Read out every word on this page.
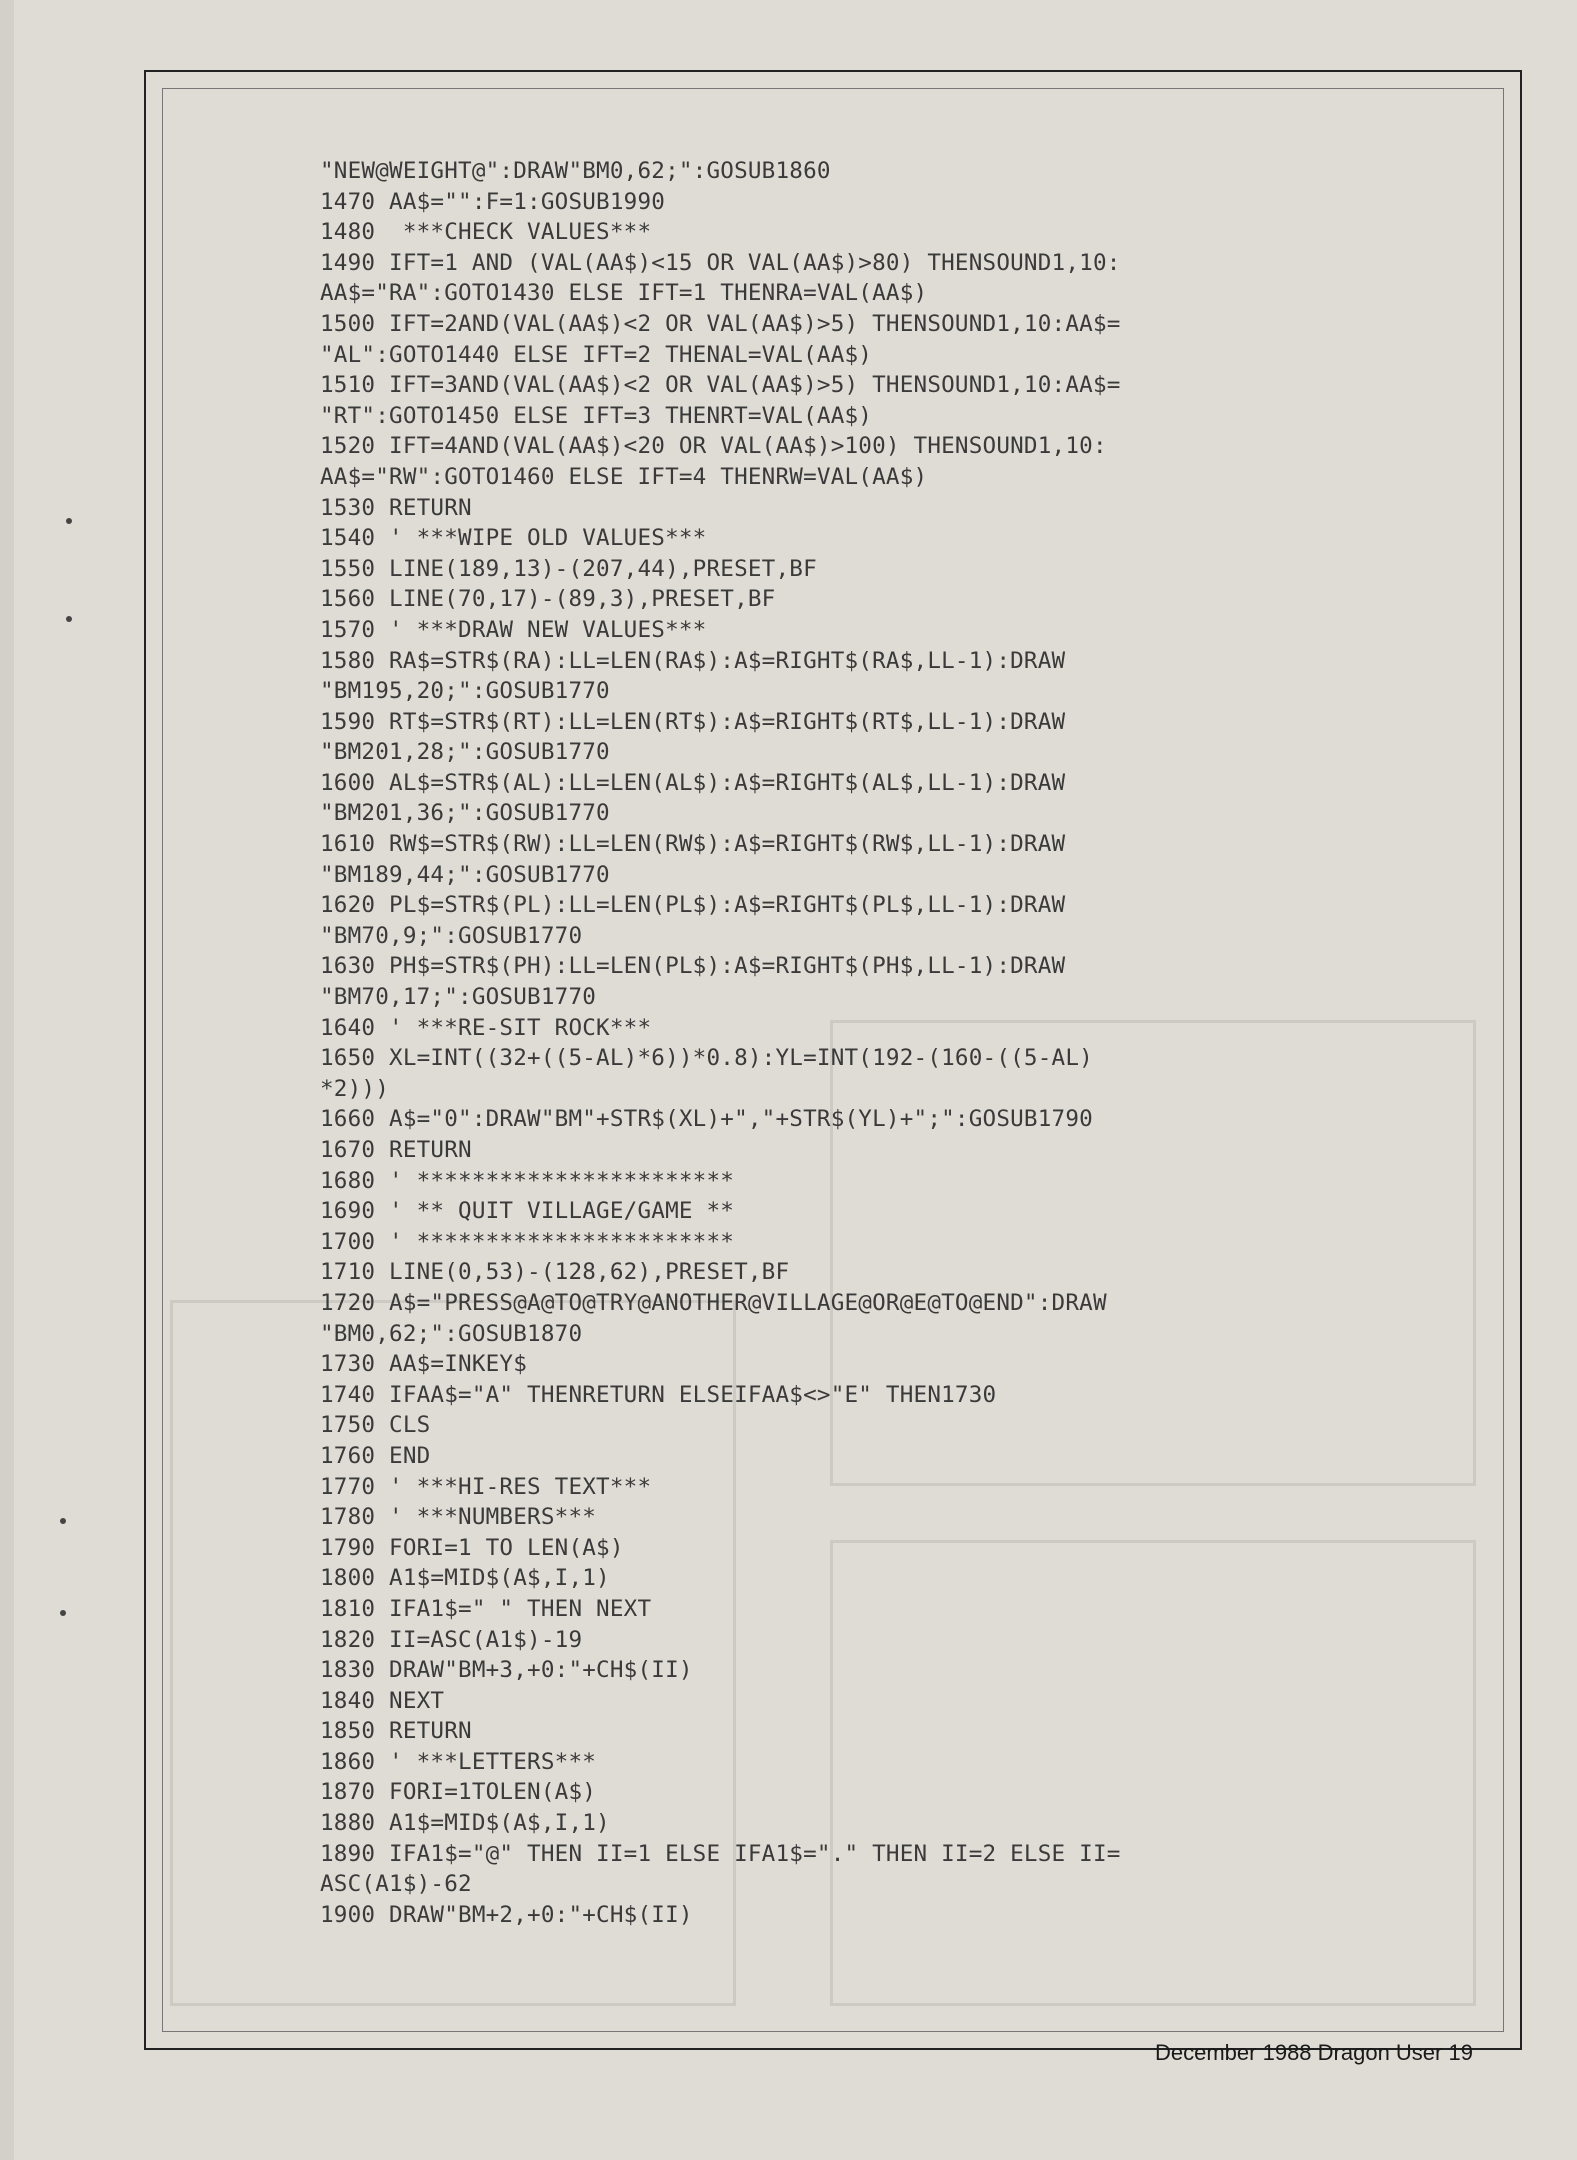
"NEW@WEIGHT@":DRAW"BM0,62;":GOSUB1860
1470 AA$="":F=1:GOSUB1990
1480  ***CHECK VALUES***
1490 IFT=1 AND (VAL(AA$)<15 OR VAL(AA$)>80) THENSOUND1,10:
AA$="RA":GOTO1430 ELSE IFT=1 THENRA=VAL(AA$)
1500 IFT=2AND(VAL(AA$)<2 OR VAL(AA$)>5) THENSOUND1,10:AA$=
"AL":GOTO1440 ELSE IFT=2 THENAL=VAL(AA$)
1510 IFT=3AND(VAL(AA$)<2 OR VAL(AA$)>5) THENSOUND1,10:AA$=
"RT":GOTO1450 ELSE IFT=3 THENRT=VAL(AA$)
1520 IFT=4AND(VAL(AA$)<20 OR VAL(AA$)>100) THENSOUND1,10:
AA$="RW":GOTO1460 ELSE IFT=4 THENRW=VAL(AA$)
1530 RETURN
1540 ' ***WIPE OLD VALUES***
1550 LINE(189,13)-(207,44),PRESET,BF
1560 LINE(70,17)-(89,3),PRESET,BF
1570 ' ***DRAW NEW VALUES***
1580 RA$=STR$(RA):LL=LEN(RA$):A$=RIGHT$(RA$,LL-1):DRAW
"BM195,20;":GOSUB1770
1590 RT$=STR$(RT):LL=LEN(RT$):A$=RIGHT$(RT$,LL-1):DRAW
"BM201,28;":GOSUB1770
1600 AL$=STR$(AL):LL=LEN(AL$):A$=RIGHT$(AL$,LL-1):DRAW
"BM201,36;":GOSUB1770
1610 RW$=STR$(RW):LL=LEN(RW$):A$=RIGHT$(RW$,LL-1):DRAW
"BM189,44;":GOSUB1770
1620 PL$=STR$(PL):LL=LEN(PL$):A$=RIGHT$(PL$,LL-1):DRAW
"BM70,9;":GOSUB1770
1630 PH$=STR$(PH):LL=LEN(PL$):A$=RIGHT$(PH$,LL-1):DRAW
"BM70,17;":GOSUB1770
1640 ' ***RE-SIT ROCK***
1650 XL=INT((32+((5-AL)*6))*0.8):YL=INT(192-(160-((5-AL)
*2)))
1660 A$="0":DRAW"BM"+STR$(XL)+","+STR$(YL)+";":GOSUB1790
1670 RETURN
1680 ' ***********************
1690 ' ** QUIT VILLAGE/GAME **
1700 ' ***********************
1710 LINE(0,53)-(128,62),PRESET,BF
1720 A$="PRESS@A@TO@TRY@ANOTHER@VILLAGE@OR@E@TO@END":DRAW
"BM0,62;":GOSUB1870
1730 AA$=INKEY$
1740 IFAA$="A" THENRETURN ELSEIFAA$<>"E" THEN1730
1750 CLS
1760 END
1770 ' ***HI-RES TEXT***
1780 ' ***NUMBERS***
1790 FORI=1 TO LEN(A$)
1800 A1$=MID$(A$,I,1)
1810 IFA1$=" " THEN NEXT
1820 II=ASC(A1$)-19
1830 DRAW"BM+3,+0:"+CH$(II)
1840 NEXT
1850 RETURN
1860 ' ***LETTERS***
1870 FORI=1TOLEN(A$)
1880 A1$=MID$(A$,I,1)
1890 IFA1$="@" THEN II=1 ELSE IFA1$="." THEN II=2 ELSE II=
ASC(A1$)-62
1900 DRAW"BM+2,+0:"+CH$(II)
December 1988 Dragon User 19
